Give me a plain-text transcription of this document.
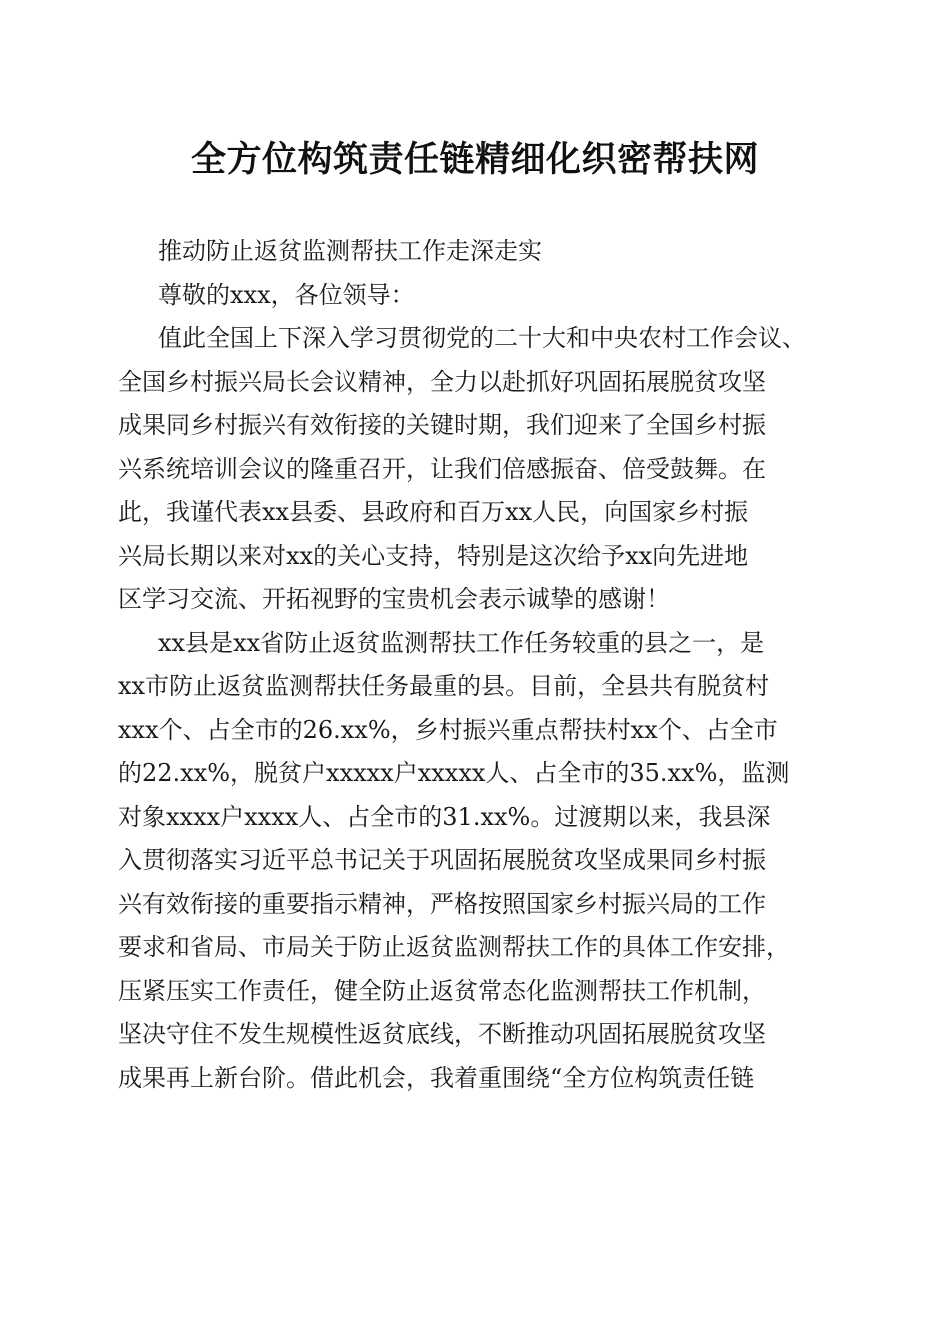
全方位构筑责任链精细化织密帮扶网
推动防止返贫监测帮扶工作走深走实
尊敬的xxx，各位领导：
值此全国上下深入学习贯彻党的二十大和中央农村工作会议、
全国乡村振兴局长会议精神，全力以赴抓好巩固拓展脱贫攻坚
成果同乡村振兴有效衔接的关键时期，我们迎来了全国乡村振
兴系统培训会议的隆重召开，让我们倍感振奋、倍受鼓舞。在
此，我谨代表xx县委、县政府和百万xx人民，向国家乡村振
兴局长期以来对xx的关心支持，特别是这次给予xx向先进地
区学习交流、开拓视野的宝贵机会表示诚挚的感谢！
xx县是xx省防止返贫监测帮扶工作任务较重的县之一，是
xx市防止返贫监测帮扶任务最重的县。目前，全县共有脱贫村
xxx个、占全市的26.xx%，乡村振兴重点帮扶村xx个、占全市
的22.xx%，脱贫户xxxxx户xxxxx人、占全市的35.xx%，监测
对象xxxx户xxxx人、占全市的31.xx%。过渡期以来，我县深
入贯彻落实习近平总书记关于巩固拓展脱贫攻坚成果同乡村振
兴有效衔接的重要指示精神，严格按照国家乡村振兴局的工作
要求和省局、市局关于防止返贫监测帮扶工作的具体工作安排，
压紧压实工作责任，健全防止返贫常态化监测帮扶工作机制，
坚决守住不发生规模性返贫底线，不断推动巩固拓展脱贫攻坚
成果再上新台阶。借此机会，我着重围绕“全方位构筑责任链
